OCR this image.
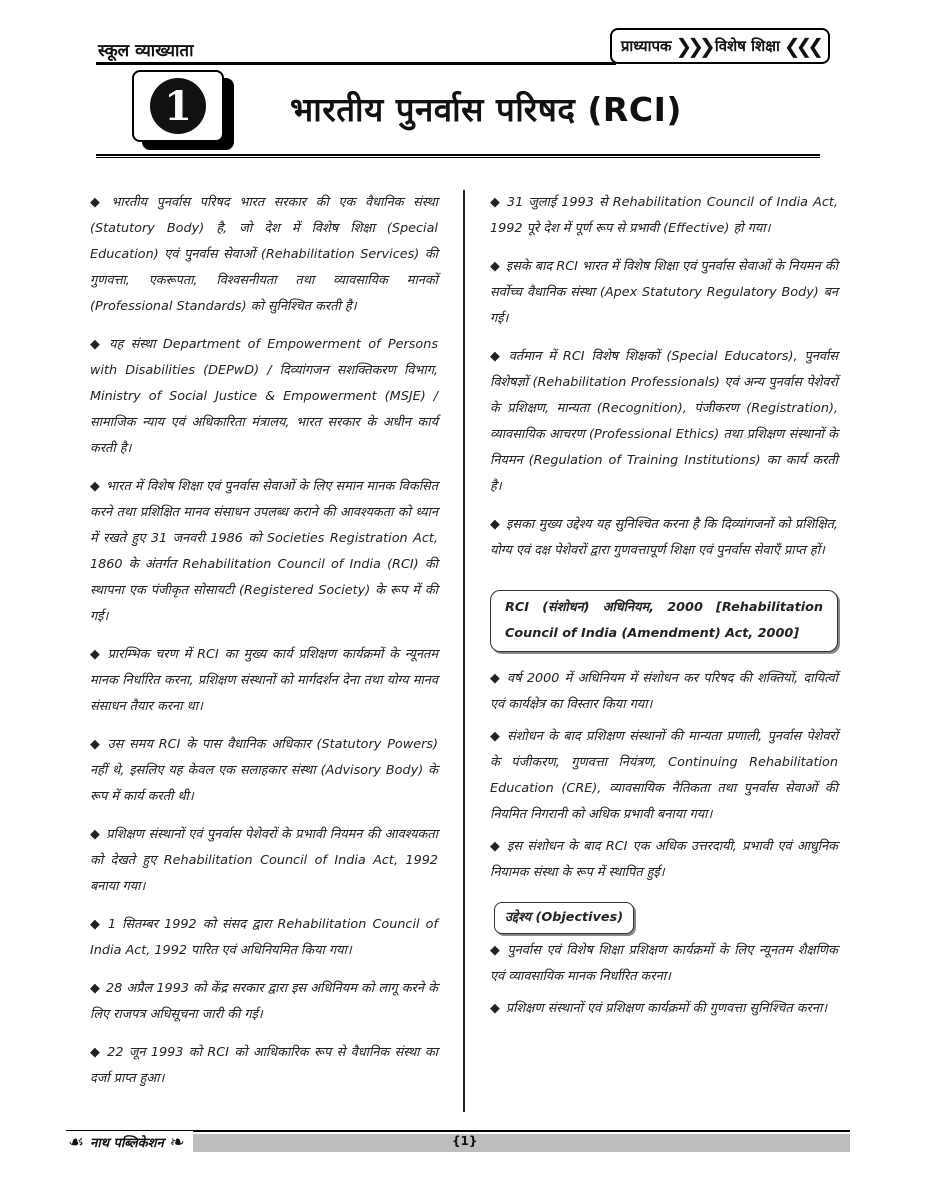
स्कूल व्याख्याता	प्राध्यापक ❯❯❯ विशेष शिक्षा ❮❮❮
1	भारतीय पुनर्वास परिषद (RCI)

◆ भारतीय पुनर्वास परिषद भारत सरकार की एक वैधानिक संस्था (Statutory Body) है, जो देश में विशेष शिक्षा (Special Education) एवं पुनर्वास सेवाओं (Rehabilitation Services) की गुणवत्ता, एकरूपता, विश्वसनीयता तथा व्यावसायिक मानकों (Professional Standards) को सुनिश्चित करती है।

◆ यह संस्था Department of Empowerment of Persons with Disabilities (DEPwD) / दिव्यांगजन सशक्तिकरण विभाग, Ministry of Social Justice & Empowerment (MSJE) / सामाजिक न्याय एवं अधिकारिता मंत्रालय, भारत सरकार के अधीन कार्य करती है।

◆ भारत में विशेष शिक्षा एवं पुनर्वास सेवाओं के लिए समान मानक विकसित करने तथा प्रशिक्षित मानव संसाधन उपलब्ध कराने की आवश्यकता को ध्यान में रखते हुए 31 जनवरी 1986 को Societies Registration Act, 1860 के अंतर्गत Rehabilitation Council of India (RCI) की स्थापना एक पंजीकृत सोसायटी (Registered Society) के रूप में की गई।

◆ प्रारम्भिक चरण में RCI का मुख्य कार्य प्रशिक्षण कार्यक्रमों के न्यूनतम मानक निर्धारित करना, प्रशिक्षण संस्थानों को मार्गदर्शन देना तथा योग्य मानव संसाधन तैयार करना था।

◆ उस समय RCI के पास वैधानिक अधिकार (Statutory Powers) नहीं थे, इसलिए यह केवल एक सलाहकार संस्था (Advisory Body) के रूप में कार्य करती थी।

◆ प्रशिक्षण संस्थानों एवं पुनर्वास पेशेवरों के प्रभावी नियमन की आवश्यकता को देखते हुए Rehabilitation Council of India Act, 1992 बनाया गया।

◆ 1 सितम्बर 1992 को संसद द्वारा Rehabilitation Council of India Act, 1992 पारित एवं अधिनियमित किया गया।

◆ 28 अप्रैल 1993 को केंद्र सरकार द्वारा इस अधिनियम को लागू करने के लिए राजपत्र अधिसूचना जारी की गई।

◆ 22 जून 1993 को RCI को आधिकारिक रूप से वैधानिक संस्था का दर्जा प्राप्त हुआ।

◆ 31 जुलाई 1993 से Rehabilitation Council of India Act, 1992 पूरे देश में पूर्ण रूप से प्रभावी (Effective) हो गया।

◆ इसके बाद RCI भारत में विशेष शिक्षा एवं पुनर्वास सेवाओं के नियमन की सर्वोच्च वैधानिक संस्था (Apex Statutory Regulatory Body) बन गई।

◆ वर्तमान में RCI विशेष शिक्षकों (Special Educators), पुनर्वास विशेषज्ञों (Rehabilitation Professionals) एवं अन्य पुनर्वास पेशेवरों के प्रशिक्षण, मान्यता (Recognition), पंजीकरण (Registration), व्यावसायिक आचरण (Professional Ethics) तथा प्रशिक्षण संस्थानों के नियमन (Regulation of Training Institutions) का कार्य करती है।

◆ इसका मुख्य उद्देश्य यह सुनिश्चित करना है कि दिव्यांगजनों को प्रशिक्षित, योग्य एवं दक्ष पेशेवरों द्वारा गुणवत्तापूर्ण शिक्षा एवं पुनर्वास सेवाएँ प्राप्त हों।

RCI (संशोधन) अधिनियम, 2000 [Rehabilitation Council of India (Amendment) Act, 2000]

◆ वर्ष 2000 में अधिनियम में संशोधन कर परिषद की शक्तियों, दायित्वों एवं कार्यक्षेत्र का विस्तार किया गया।

◆ संशोधन के बाद प्रशिक्षण संस्थानों की मान्यता प्रणाली, पुनर्वास पेशेवरों के पंजीकरण, गुणवत्ता नियंत्रण, Continuing Rehabilitation Education (CRE), व्यावसायिक नैतिकता तथा पुनर्वास सेवाओं की नियमित निगरानी को अधिक प्रभावी बनाया गया।

◆ इस संशोधन के बाद RCI एक अधिक उत्तरदायी, प्रभावी एवं आधुनिक नियामक संस्था के रूप में स्थापित हुई।

उद्देश्य (Objectives)

◆ पुनर्वास एवं विशेष शिक्षा प्रशिक्षण कार्यक्रमों के लिए न्यूनतम शैक्षणिक एवं व्यावसायिक मानक निर्धारित करना।

◆ प्रशिक्षण संस्थानों एवं प्रशिक्षण कार्यक्रमों की गुणवत्ता सुनिश्चित करना।

☙ नाथ पब्लिकेशन ❧	{1}
